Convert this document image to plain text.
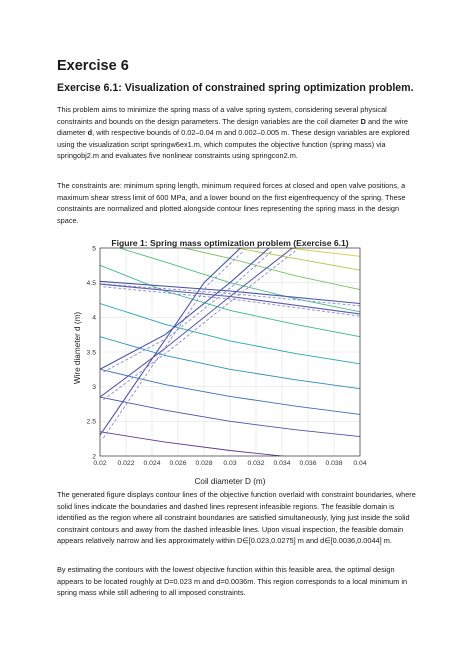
Exercise 6
Exercise 6.1: Visualization of constrained spring optimization problem.

This problem aims to minimize the spring mass of a valve spring system, considering several physical constraints and bounds on the design parameters. The design variables are the coil diameter D and the wire diameter d, with respective bounds of 0.02–0.04 m and 0.002–0.005 m. These design variables are explored using the visualization script springw6ex1.m, which computes the objective function (spring mass) via springobj2.m and evaluates five nonlinear constraints using springcon2.m.

The constraints are: minimum spring length, minimum required forces at closed and open valve positions, a maximum shear stress limit of 600 MPa, and a lower bound on the first eigenfrequency of the spring. These constraints are normalized and plotted alongside contour lines representing the spring mass in the design space.

0.02 0.022 0.024 0.026 0.028 0.03 0.032 0.034 0.036 0.038 0.04
2
2.5
3
3.5
4
4.5
5
Figure 1: Spring mass optimization problem (Exercise 6.1)
Coil diameter D (m)
Wire diameter d (m)

The generated figure displays contour lines of the objective function overlaid with constraint boundaries, where solid lines indicate the boundaries and dashed lines represent infeasible regions. The feasible domain is identified as the region where all constraint boundaries are satisfied simultaneously, lying just inside the solid constraint contours and away from the dashed infeasible lines. Upon visual inspection, the feasible domain appears relatively narrow and lies approximately within D∈[0.023,0.0275] m and d∈[0.0036,0.0044] m.

By estimating the contours with the lowest objective function within this feasible area, the optimal design appears to be located roughly at D=0.023 m and d=0.0036m. This region corresponds to a local minimum in spring mass while still adhering to all imposed constraints.
